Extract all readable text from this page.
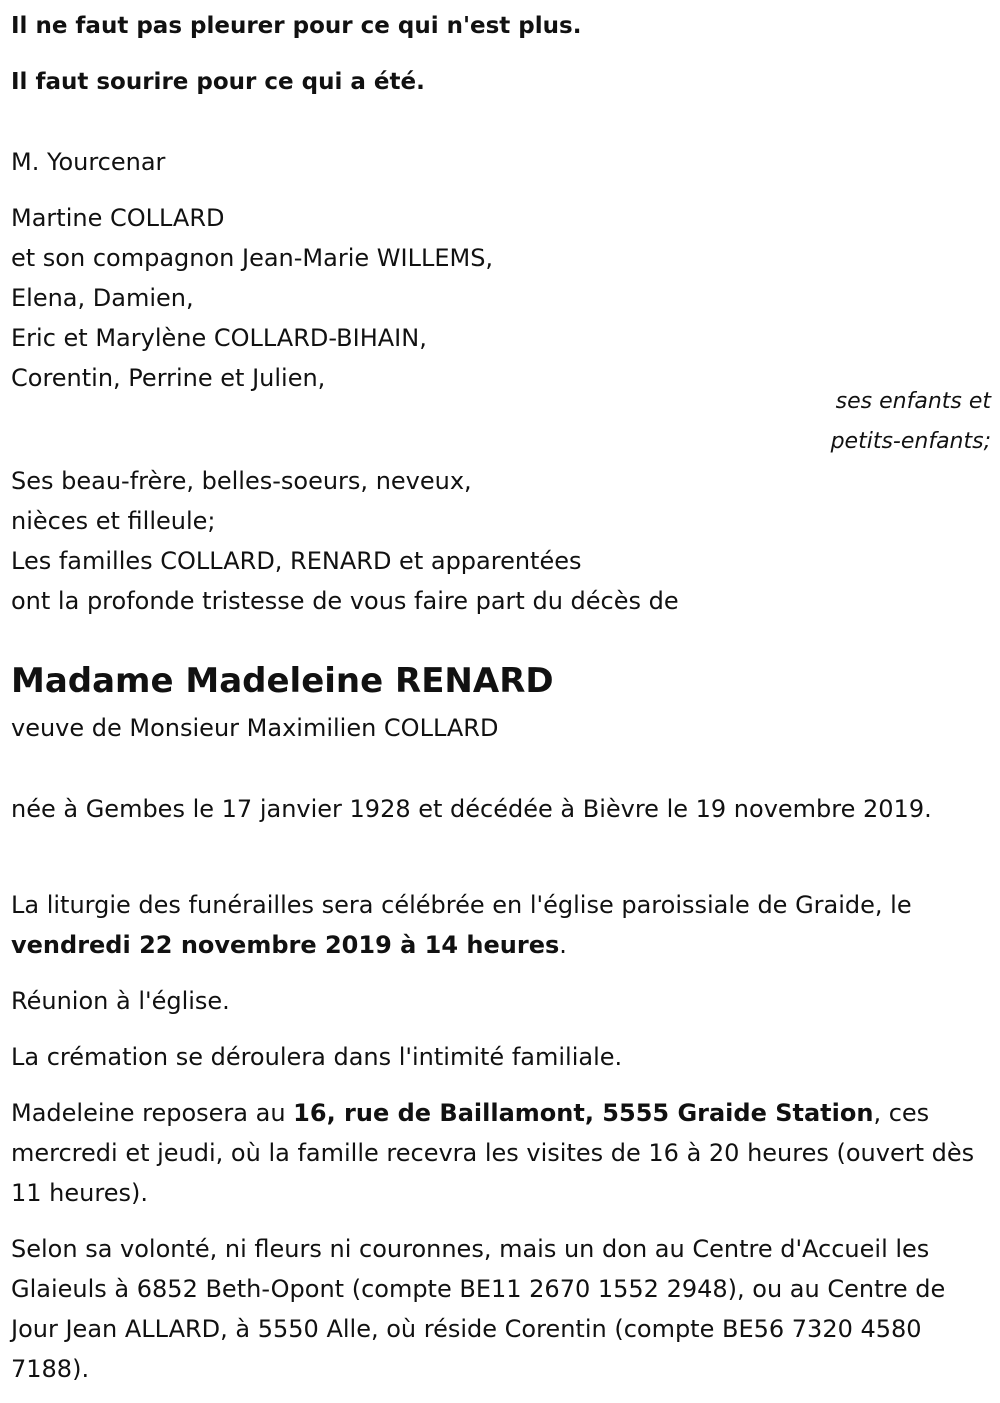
Il ne faut pas pleurer pour ce qui n'est plus.

Il faut sourire pour ce qui a été.

M. Yourcenar

Martine COLLARD

et son compagnon Jean-Marie WILLEMS,

Elena, Damien,

Eric et Marylène COLLARD-BIHAIN,

Corentin, Perrine et Julien,

ses enfants et
petits-enfants;

Ses beau-frère, belles-soeurs, neveux,

nièces et filleule;

Les familles COLLARD, RENARD et apparentées

ont la profonde tristesse de vous faire part du décès de

Madame Madeleine RENARD

veuve de Monsieur Maximilien COLLARD

née à Gembes le 17 janvier 1928 et décédée à Bièvre le 19 novembre 2019.

La liturgie des funérailles sera célébrée en l'église paroissiale de Graide, le vendredi 22 novembre 2019 à 14 heures.

Réunion à l'église.

La crémation se déroulera dans l'intimité familiale.

Madeleine reposera au 16, rue de Baillamont, 5555 Graide Station, ces mercredi et jeudi, où la famille recevra les visites de 16 à 20 heures (ouvert dès 11 heures).

Selon sa volonté, ni fleurs ni couronnes, mais un don au Centre d'Accueil les Glaieuls à 6852 Beth-Opont (compte BE11 2670 1552 2948), ou au Centre de Jour Jean ALLARD, à 5550 Alle, où réside Corentin (compte BE56 7320 4580 7188).
